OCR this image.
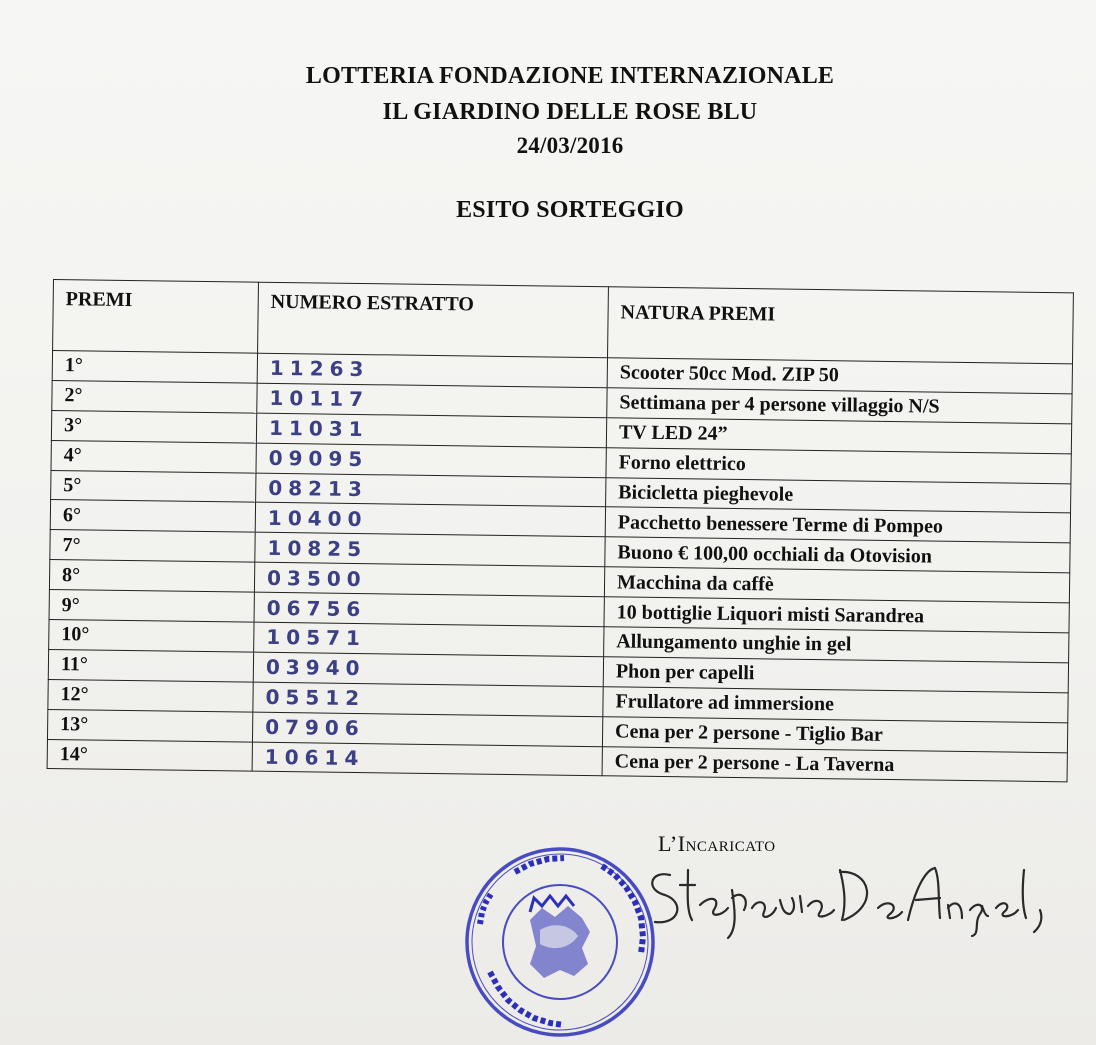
LOTTERIA FONDAZIONE INTERNAZIONALE
IL GIARDINO DELLE ROSE BLU
24/03/2016
ESITO SORTEGGIO
PREMI	NUMERO ESTRATTO	NATURA PREMI
1°	11263	Scooter 50cc Mod. ZIP 50
2°	10117	Settimana per 4 persone villaggio N/S
3°	11031	TV LED 24”
4°	09095	Forno elettrico
5°	08213	Bicicletta pieghevole
6°	10400	Pacchetto benessere Terme di Pompeo
7°	10825	Buono € 100,00 occhiali da Otovision
8°	03500	Macchina da caffè
9°	06756	10 bottiglie Liquori misti Sarandrea
10°	10571	Allungamento unghie in gel
11°	03940	Phon per capelli
12°	05512	Frullatore ad immersione
13°	07906	Cena per 2 persone - Tiglio Bar
14°	10614	Cena per 2 persone - La Taverna
L’Incaricato
